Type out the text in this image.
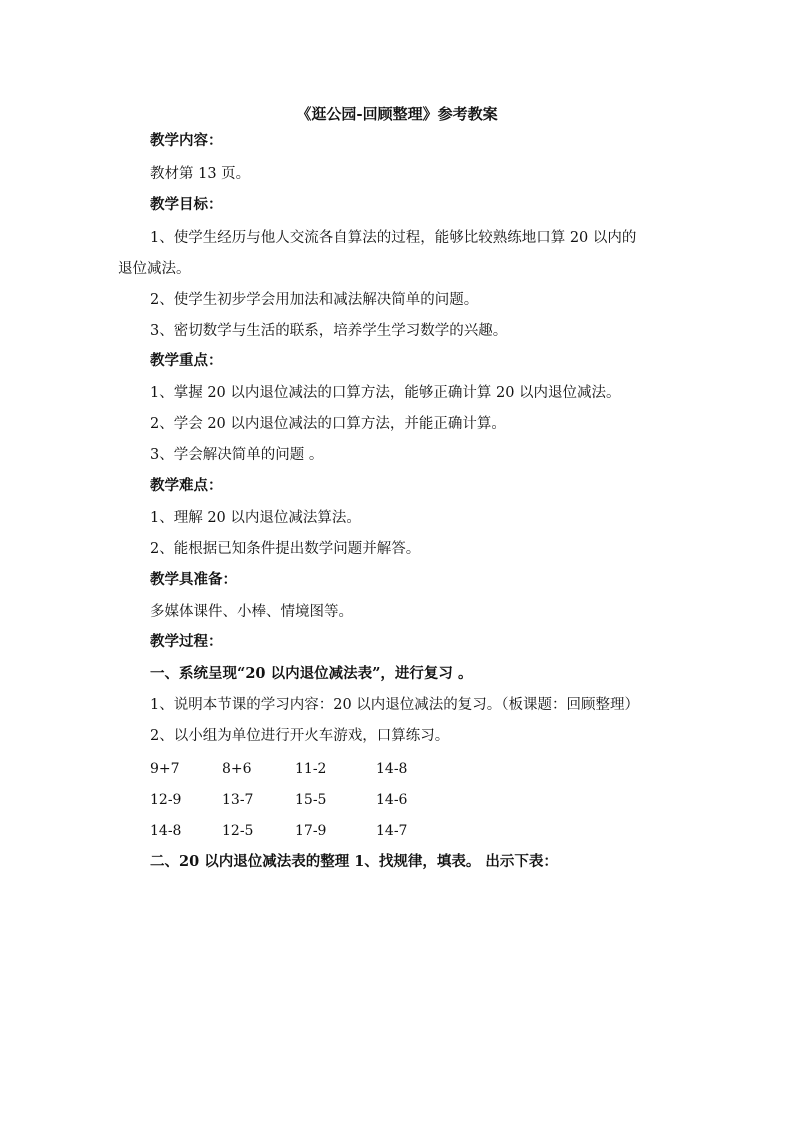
《逛公园-回顾整理》参考教案
教学内容：
教材第 13 页。
教学目标：
1、使学生经历与他人交流各自算法的过程，能够比较熟练地口算 20 以内的
退位减法。
2、使学生初步学会用加法和减法解决简单的问题。
3、密切数学与生活的联系，培养学生学习数学的兴趣。
教学重点：
1、掌握 20 以内退位减法的口算方法，能够正确计算 20 以内退位减法。
2、学会 20 以内退位减法的口算方法，并能正确计算。
3、学会解决简单的问题 。
教学难点：
1、理解 20 以内退位减法算法。
2、能根据已知条件提出数学问题并解答。
教学具准备：
多媒体课件、小棒、情境图等。
教学过程：
一、系统呈现“20 以内退位减法表”，进行复习 。
1、说明本节课的学习内容：20 以内退位减法的复习。（板课题：回顾整理）
2、以小组为单位进行开火车游戏，口算练习。
9+7	8+6	11-2	14-8
12-9	13-7	15-5	14-6
14-8	12-5	17-9	14-7
二、20 以内退位减法表的整理 1、找规律，填表。 出示下表：
